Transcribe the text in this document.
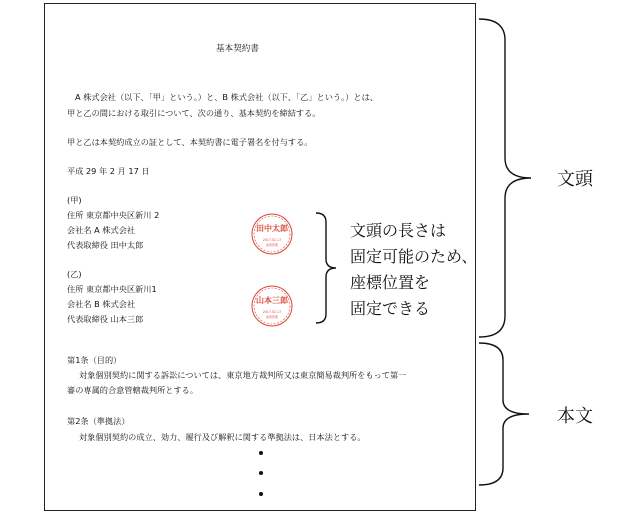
基本契約書
A 株式会社（以下、「甲」という。）と、B 株式会社（以下、「乙」という。）とは、
甲と乙の間における取引について、次の通り、基本契約を締結する。
甲と乙は本契約成立の証として、本契約書に電子署名を付与する。
平成 29 年 2 月 17 日
(甲)
住所 東京都中央区新川 2
会社名 A 株式会社
代表取締役 田中太郎
田中太郎
2017.02.17
保管管理
(乙)
住所 東京都中央区新川1
会社名 B 株式会社
代表取締役 山本三郎
山本三郎
2017.02.17
保管管理
第1条（目的）
対象個別契約に関する訴訟については、東京地方裁判所又は東京簡易裁判所をもって第一
審の専属的合意管轄裁判所とする。
第2条（準拠法）
対象個別契約の成立、効力、履行及び解釈に関する準拠法は、日本法とする。
文頭の長さは
固定可能のため、
座標位置を
固定できる
文頭
本文
